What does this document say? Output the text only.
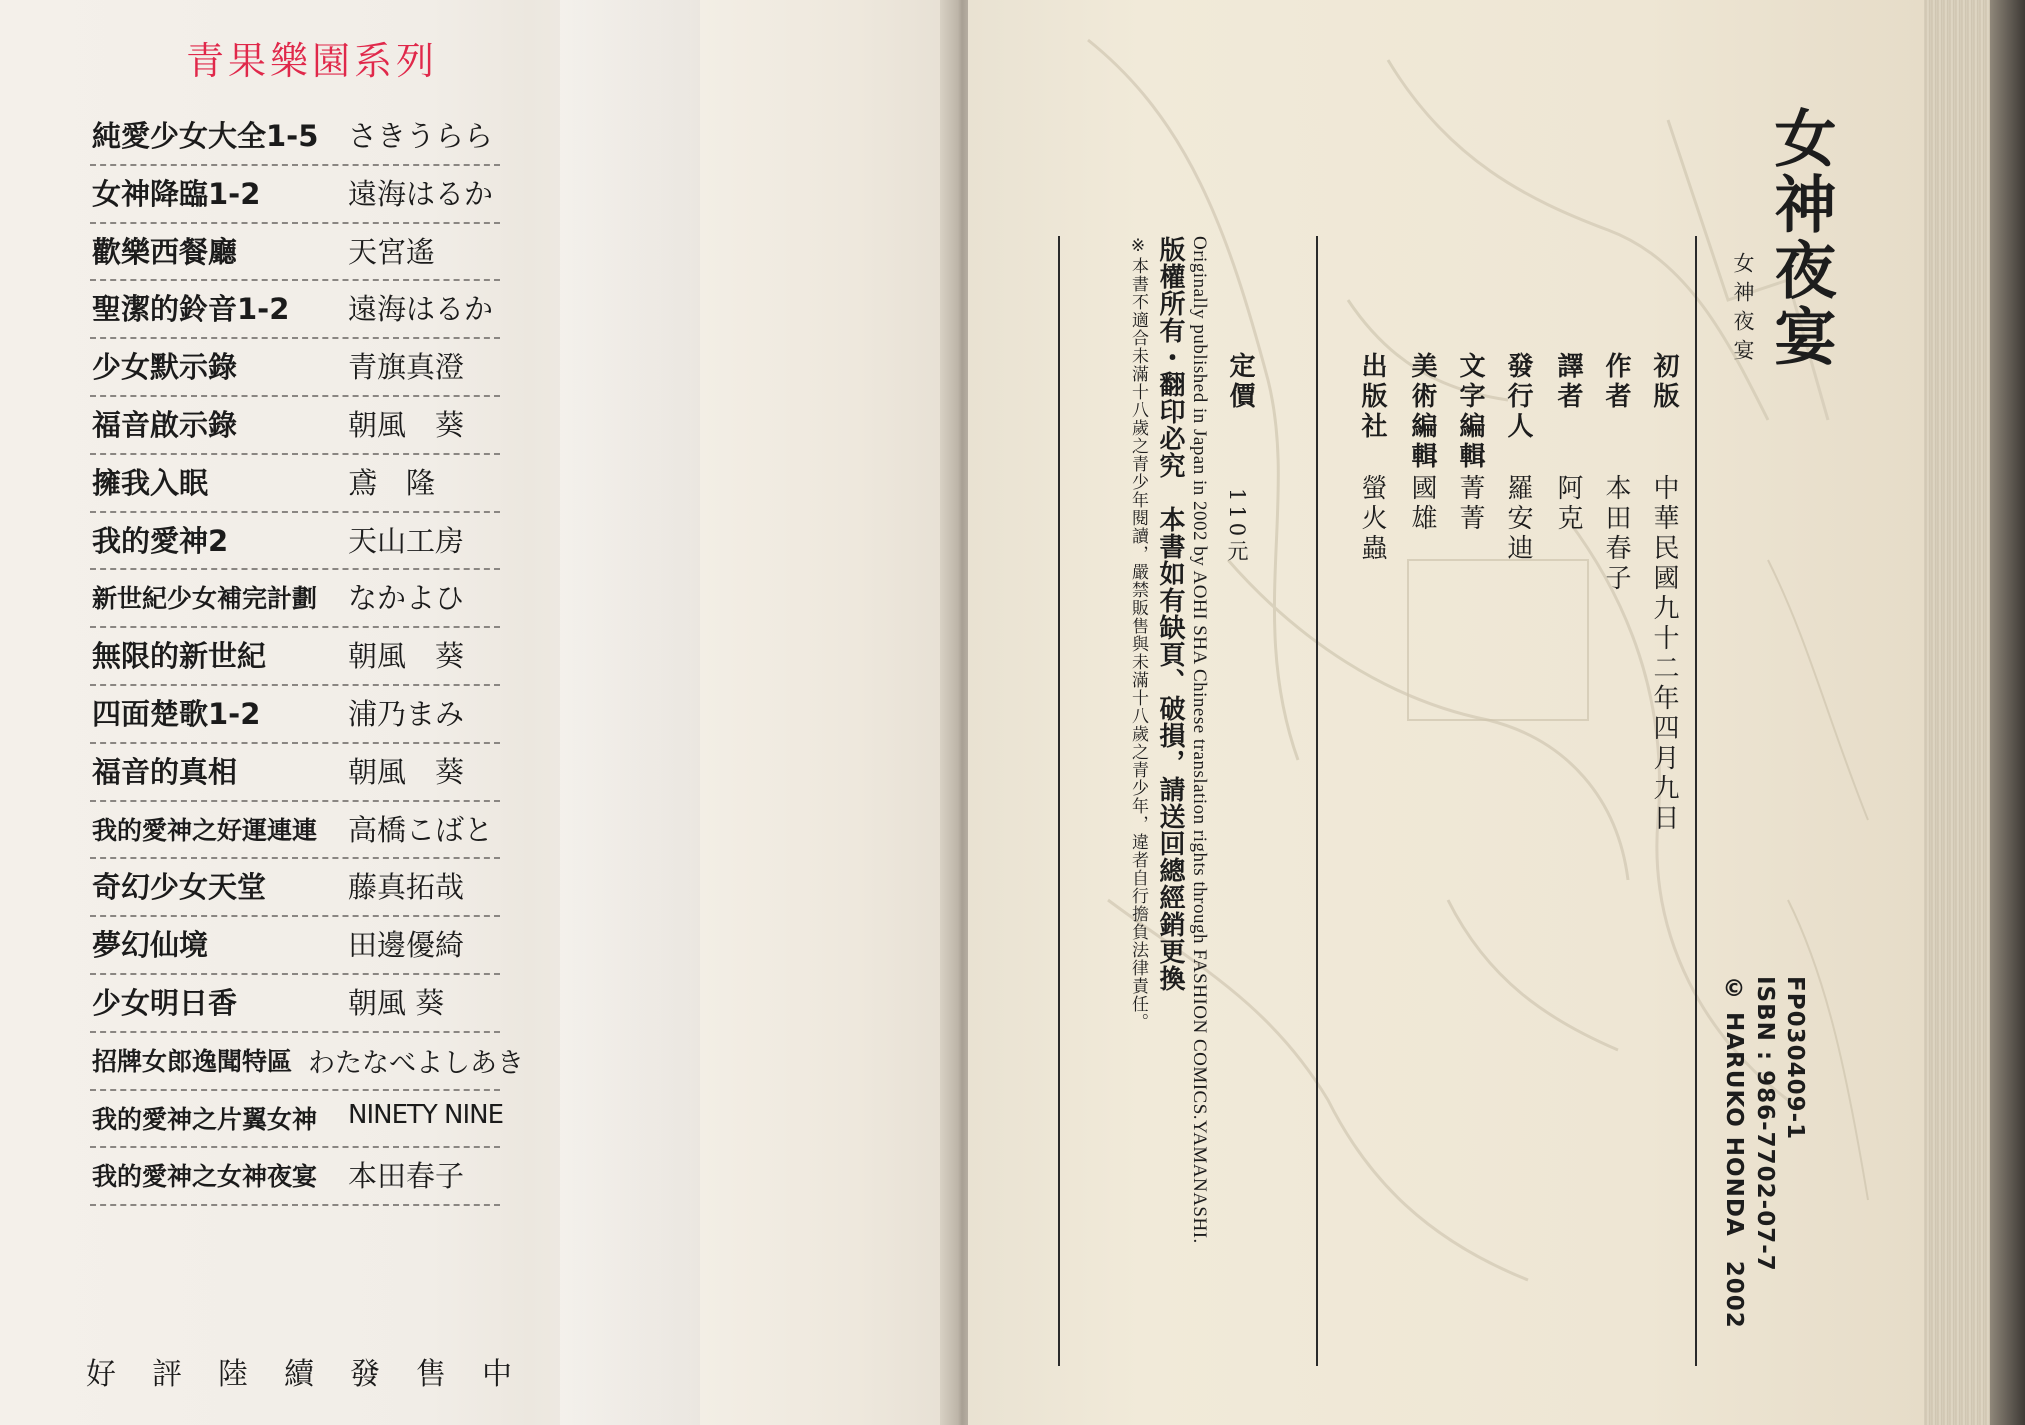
青果樂園系列
純愛少女大全1-5 さきうらら
女神降臨1-2	遠海はるか
歡樂西餐廳	天宮遙
聖潔的鈴音1-2 遠海はるか
少女默示錄	青旗真澄
福音啟示錄	朝風　葵
擁我入眠	鳶　隆
我的愛神2	天山工房
新世紀少女補完計劃 なかよひ
無限的新世紀	朝風　葵
四面楚歌1-2	浦乃まみ
福音的真相	朝風　葵
我的愛神之好運連連 高橋こばと
奇幻少女天堂	藤真拓哉
夢幻仙境	田邊優綺
少女明日香	朝風 葵
招牌女郎逸聞特區 わたなべよしあき
我的愛神之片翼女神 NINETY NINE
我的愛神之女神夜宴 本田春子
好評陸續發售中
女神夜宴
女神夜宴
FP030409-1
ISBN : 986-7702-07-7
© HARUKO HONDA　2002
初版
中華民國九十二年四月九日
作者
本田春子
譯者
阿克
發行人
羅安迪
文字編輯
菁菁
美術編輯
國雄
出版社
螢火蟲
定價
110元
Originally published in Japan in 2002 by AOHI SHA Chinese translation rights through FASHION COMICS.YAMANASHI.
版權所有・翻印必究　本書如有缺頁、破損，請送回總經銷更換
※本書不適合未滿十八歲之青少年閱讀，嚴禁販售與未滿十八歲之青少年，違者自行擔負法律責任。
